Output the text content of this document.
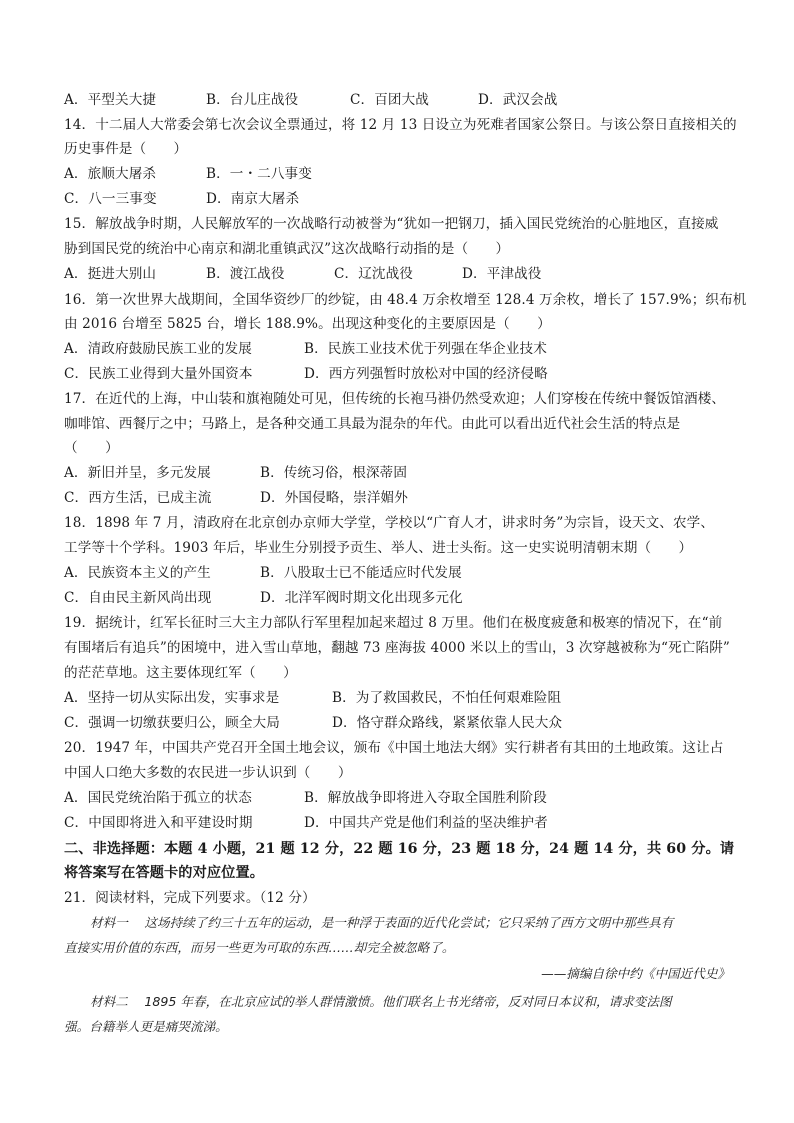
A．平型关大捷	B．台儿庄战役	C．百团大战	D．武汉会战
14．十二届人大常委会第七次会议全票通过，将 12 月 13 日设立为死难者国家公祭日。与该公祭日直接相关的
历史事件是（　　）
A．旅顺大屠杀	B．一・二八事变
C．八一三事变	D．南京大屠杀
15．解放战争时期，人民解放军的一次战略行动被誉为“犹如一把钢刀，插入国民党统治的心脏地区，直接威
胁到国民党的统治中心南京和湖北重镇武汉”这次战略行动指的是（　　）
A．挺进大别山	B．渡江战役	C．辽沈战役	D．平津战役
16．第一次世界大战期间，全国华资纱厂的纱锭，由 48.4 万余枚增至 128.4 万余枚，增长了 157.9%；织布机
由 2016 台增至 5825 台，增长 188.9%。出现这种变化的主要原因是（　　）
A．清政府鼓励民族工业的发展	B．民族工业技术优于列强在华企业技术
C．民族工业得到大量外国资本	D．西方列强暂时放松对中国的经济侵略
17．在近代的上海，中山装和旗袍随处可见，但传统的长袍马褂仍然受欢迎；人们穿梭在传统中餐饭馆酒楼、
咖啡馆、西餐厅之中；马路上，是各种交通工具最为混杂的年代。由此可以看出近代社会生活的特点是
（　　）
A．新旧并呈，多元发展	B．传统习俗，根深蒂固
C．西方生活，已成主流	D．外国侵略，崇洋媚外
18．1898 年 7 月，清政府在北京创办京师大学堂，学校以“广育人才，讲求时务”为宗旨，设天文、农学、
工学等十个学科。1903 年后，毕业生分别授予贡生、举人、进士头衔。这一史实说明清朝末期（　　）
A．民族资本主义的产生	B．八股取士已不能适应时代发展
C．自由民主新风尚出现	D．北洋军阀时期文化出现多元化
19．据统计，红军长征时三大主力部队行军里程加起来超过 8 万里。他们在极度疲惫和极寒的情况下，在“前
有围堵后有追兵”的困境中，进入雪山草地，翻越 73 座海拔 4000 米以上的雪山，3 次穿越被称为“死亡陷阱”
的茫茫草地。这主要体现红军（　　）
A．坚持一切从实际出发，实事求是	B．为了救国救民，不怕任何艰难险阻
C．强调一切缴获要归公，顾全大局	D．恪守群众路线，紧紧依靠人民大众
20．1947 年，中国共产党召开全国土地会议，颁布《中国土地法大纲》实行耕者有其田的土地政策。这让占
中国人口绝大多数的农民进一步认识到（　　）
A．国民党统治陷于孤立的状态	B．解放战争即将进入夺取全国胜利阶段
C．中国即将进入和平建设时期	D．中国共产党是他们利益的坚决维护者
二、非选择题：本题 4 小题，21 题 12 分，22 题 16 分，23 题 18 分，24 题 14 分，共 60 分。请
将答案写在答题卡的对应位置。
21．阅读材料，完成下列要求。（12 分）
材料一　 这场持续了约三十五年的运动，是一种浮于表面的近代化尝试；它只采纳了西方文明中那些具有
直接实用价值的东西，而另一些更为可取的东西……却完全被忽略了。
——摘编自徐中约《中国近代史》
材料二　 1895 年春，在北京应试的举人群情激愤。他们联名上书光绪帝，反对同日本议和，请求变法图
强。台籍举人更是痛哭流涕。
